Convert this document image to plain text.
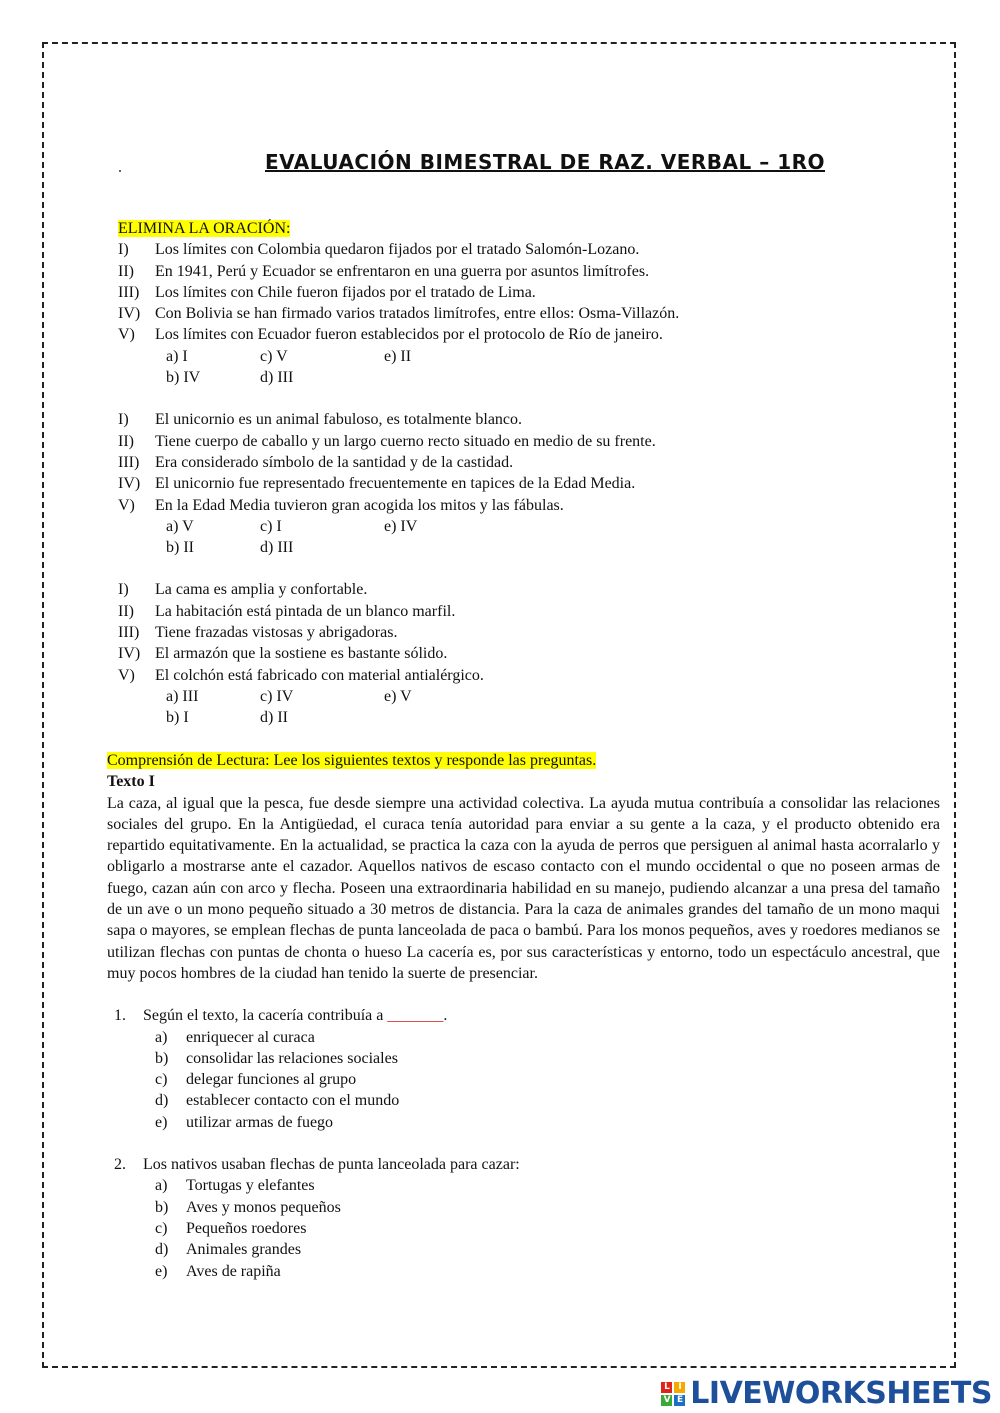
EVALUACIÓN BIMESTRAL DE RAZ. VERBAL – 1RO
ELIMINA LA ORACIÓN:
I)	Los límites con Colombia quedaron fijados por el tratado Salomón-Lozano.
II)	En 1941, Perú y Ecuador se enfrentaron en una guerra por asuntos limítrofes.
III) Los límites con Chile fueron fijados por el tratado de Lima.
IV) Con Bolivia se han firmado varios tratados limítrofes, entre ellos: Osma-Villazón.
V)	Los límites con Ecuador fueron establecidos por el protocolo de Río de janeiro.
a) I	c) V	e) II
b) IV	d) III
I)	El unicornio es un animal fabuloso, es totalmente blanco.
II)	Tiene cuerpo de caballo y un largo cuerno recto situado en medio de su frente.
III) Era considerado símbolo de la santidad y de la castidad.
IV) El unicornio fue representado frecuentemente en tapices de la Edad Media.
V)	En la Edad Media tuvieron gran acogida los mitos y las fábulas.
a) V	c) I	e) IV
b) II	d) III
I)	La cama es amplia y confortable.
II)	La habitación está pintada de un blanco marfil.
III) Tiene frazadas vistosas y abrigadoras.
IV) El armazón que la sostiene es bastante sólido.
V)	El colchón está fabricado con material antialérgico.
a) III	c) IV	e) V
b) I	d) II
Comprensión de Lectura: Lee los siguientes textos y responde las preguntas.
Texto I

La caza, al igual que la pesca, fue desde siempre una actividad colectiva. La ayuda mutua contribuía a consolidar las relaciones sociales del grupo. En la Antigüedad, el curaca tenía autoridad para enviar a su gente a la caza, y el producto obtenido era repartido equitativamente. En la actualidad, se practica la caza con la ayuda de perros que persiguen al animal hasta acorralarlo y obligarlo a mostrarse ante el cazador. Aquellos nativos de escaso contacto con el mundo occidental o que no poseen armas de fuego, cazan aún con arco y flecha. Poseen una extraordinaria habilidad en su manejo, pudiendo alcanzar a una presa del tamaño de un ave o un mono pequeño situado a 30 metros de distancia. Para la caza de animales grandes del tamaño de un mono maqui sapa o mayores, se emplean flechas de punta lanceolada de paca o bambú. Para los monos pequeños, aves y roedores medianos se utilizan flechas con puntas de chonta o hueso La cacería es, por sus características y entorno, todo un espectáculo ancestral, que muy pocos hombres de la ciudad han tenido la suerte de presenciar.

1.	Según el texto, la cacería contribuía a _______.
a)	enriquecer al curaca
b)	consolidar las relaciones sociales
c)	delegar funciones al grupo
d)	establecer contacto con el mundo
e)	utilizar armas de fuego
2.	Los nativos usaban flechas de punta lanceolada para cazar:
a)	Tortugas y elefantes
b)	Aves y monos pequeños
c)	Pequeños roedores
d)	Animales grandes
e)	Aves de rapiña
L I
V E LIVEWORKSHEETS
